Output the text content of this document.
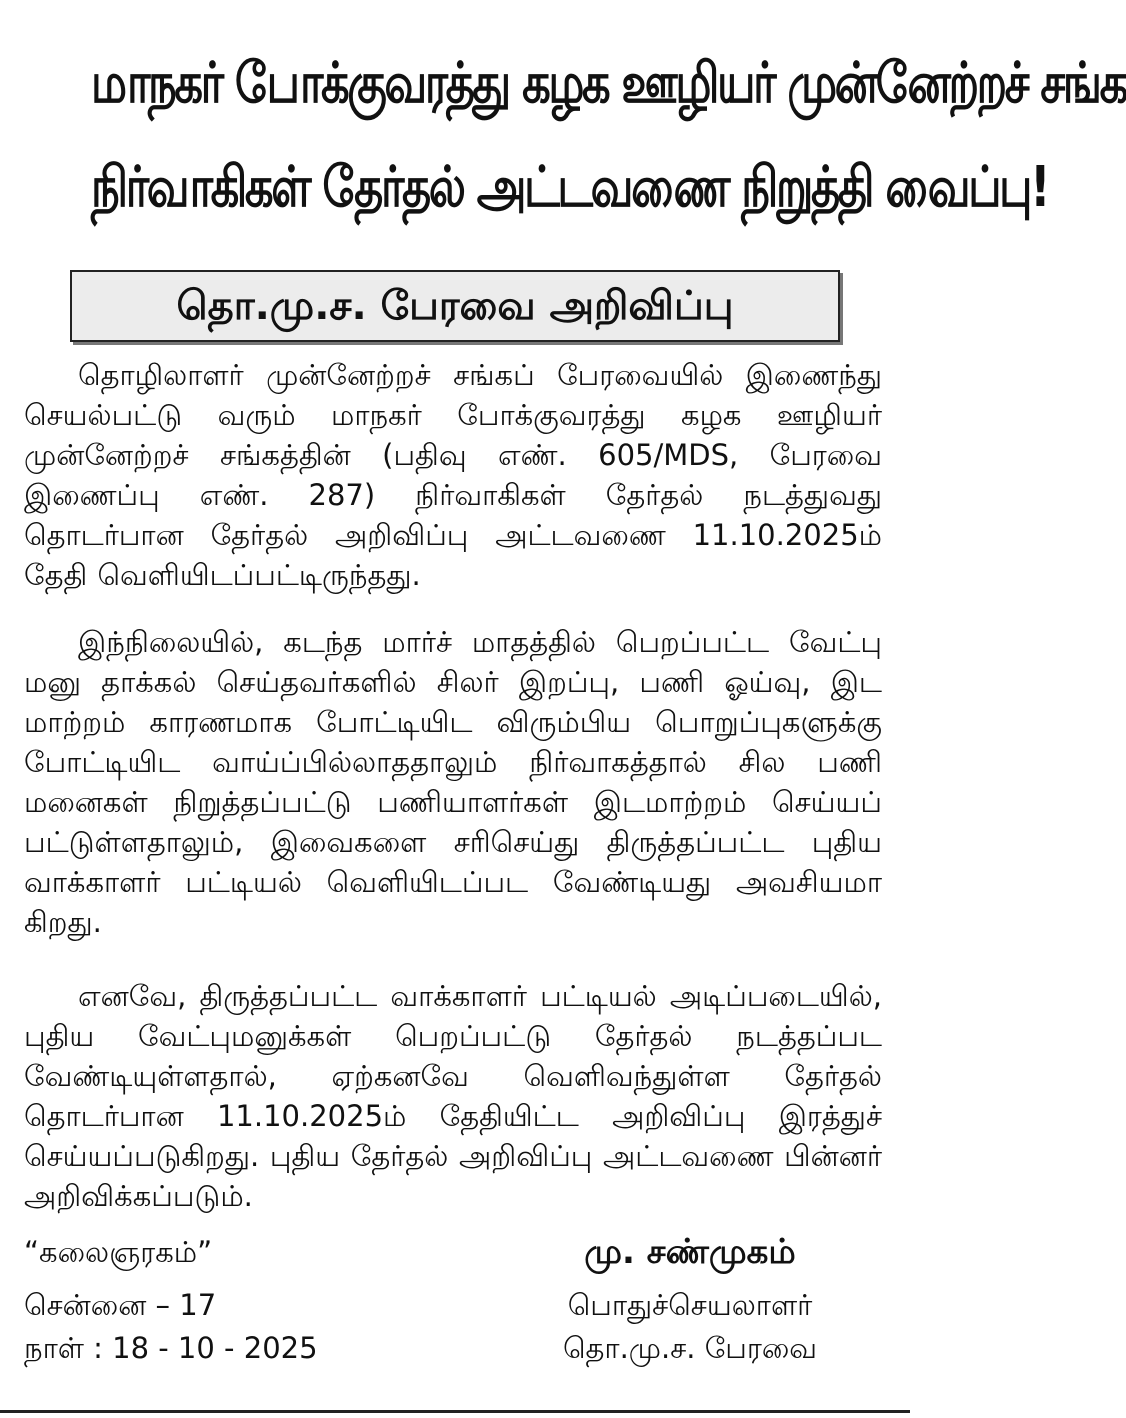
மாநகர் போக்குவரத்து கழக ஊழியர் முன்னேற்றச் சங்க
நிர்வாகிகள் தேர்தல் அட்டவணை நிறுத்தி வைப்பு!
தொ.மு.ச. பேரவை அறிவிப்பு
தொழிலாளர் முன்னேற்றச் சங்கப் பேரவையில் இணைந்து செயல்பட்டு வரும் மாநகர் போக்குவரத்து கழக ஊழியர் முன்னேற்றச் சங்கத்தின் (பதிவு எண். 605/MDS, பேரவை இணைப்பு எண். 287) நிர்வாகிகள் தேர்தல் நடத்துவது தொடர்பான தேர்தல் அறிவிப்பு அட்டவணை 11.10.2025ம் தேதி வெளியிடப்பட்டிருந்தது.
இந்நிலையில், கடந்த மார்ச் மாதத்தில் பெறப்பட்ட வேட்பு மனு தாக்கல் செய்தவர்களில் சிலர் இறப்பு, பணி ஓய்வு, இட மாற்றம் காரணமாக போட்டியிட விரும்பிய பொறுப்புகளுக்கு போட்டியிட வாய்ப்பில்லாததாலும் நிர்வாகத்தால் சில பணி மனைகள் நிறுத்தப்பட்டு பணியாளர்கள் இடமாற்றம் செய்யப் பட்டுள்ளதாலும், இவைகளை சரிசெய்து திருத்தப்பட்ட புதிய வாக்காளர் பட்டியல் வெளியிடப்பட வேண்டியது அவசியமா கிறது.
எனவே, திருத்தப்பட்ட வாக்காளர் பட்டியல் அடிப்படையில், புதிய வேட்புமனுக்கள் பெறப்பட்டு தேர்தல் நடத்தப்பட வேண்டியுள்ளதால், ஏற்கனவே வெளிவந்துள்ள தேர்தல் தொடர்பான 11.10.2025ம் தேதியிட்ட அறிவிப்பு இரத்துச் செய்யப்படுகிறது. புதிய தேர்தல் அறிவிப்பு அட்டவணை பின்னர் அறிவிக்கப்படும்.
“கலைஞரகம்”
சென்னை – 17
நாள் : 18 - 10 - 2025
மு. சண்முகம்
பொதுச்செயலாளர்
தொ.மு.ச. பேரவை
